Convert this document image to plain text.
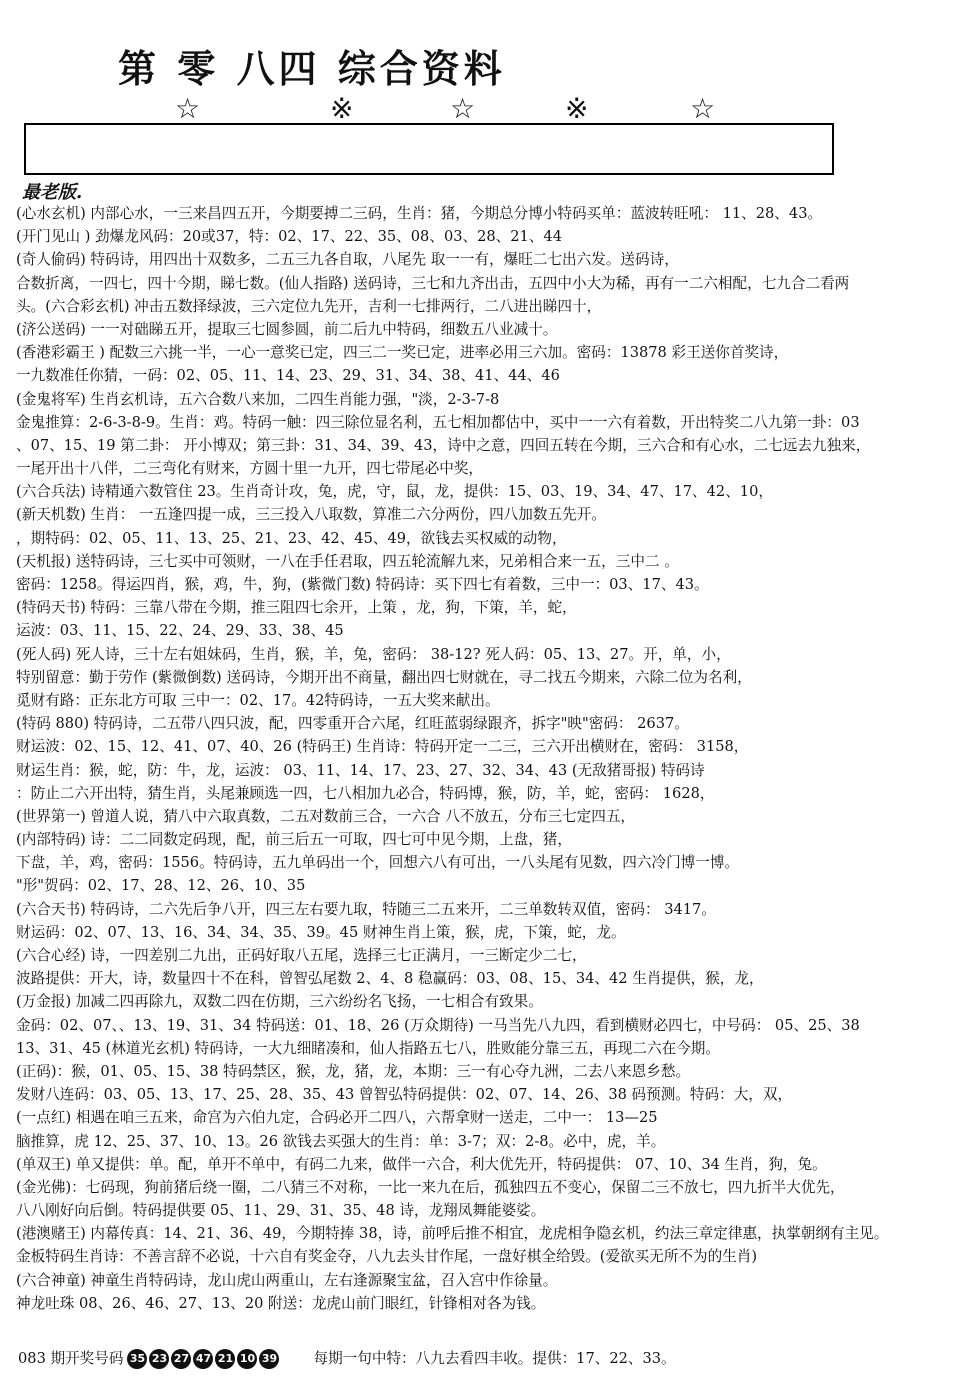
第 零 八四 综合资料
☆	※	☆	※	☆
最老版.
(心水玄机) 内部心水，一三来昌四五开，今期要搏二三码，生肖：猪，今期总分博小特码买单：蓝波转旺吼： 11、28、43。
(开门见山 ) 劲爆龙风码：20或37，特：02、17、22、35、08、03、28、21、44
(奇人偷码) 特码诗，用四出十双数多，二五三九各自取，八尾先 取一一有，爆旺二七出六发。送码诗，
合数折离，一四七，四十今期，睇七数。(仙人指路) 送码诗，三七和九齐出击，五四中小大为稀，再有一二六相配，七九合二看两
头。(六合彩玄机) 冲击五数择绿波，三六定位九先开，吉利一七排两行，二八进出睇四十，
(济公送码) 一一对础睇五开，提取三七圆参圆，前二后九中特码，细数五八业减十。
(香港彩霸王 ) 配数三六挑一半，一心一意奖已定，四三二一奖已定，进率必用三六加。密码：13878 彩王送你首奖诗，
一九数准任你猜，一码：02、05、11、14、23、29、31、34、38、41、44、46
(金鬼将军) 生肖玄机诗，五六合数八来加，二四生肖能力强，"淡，2-3-7-8
金鬼推算：2-6-3-8-9。生肖：鸡。特码一触：四三除位显名利，五七相加都估中，买中一一六有着数，开出特奖二八九第一卦：03
、07、15、19 第二卦： 开小博双；第三卦：31、34、39、43，诗中之意，四回五转在今期，三六合和有心水，二七远去九独来，
一尾开出十八伴，二三弯化有财来，方圆十里一九开，四七带尾必中奖，
(六合兵法) 诗精通六数管住 23。生肖奇计攻，兔，虎，守，鼠，龙，提供：15、03、19、34、47、17、42、10，
(新天机数) 生肖： 一五逢四提一成，三三投入八取数，算准二六分两份，四八加数五先开。
，期特码：02、05、11、13、25、21、23、42、45、49，欲钱去买权威的动物，
(天机报) 送特码诗，三七买中可领财，一八在手任君取，四五轮流解九来，兄弟相合来一五，三中二 。
密码：1258。得运四肖，猴，鸡，牛，狗，(紫微门数) 特码诗：买下四七有着数，三中一：03、17、43。
(特码天书) 特码：三靠八带在今期，推三阻四七余开，上策 ，龙，狗，下策，羊，蛇，
运波：03、11、15、22、24、29、33、38、45
(死人码) 死人诗，三十左右姐妹码，生肖，猴，羊，兔，密码： 38-12? 死人码：05、13、27。开，单，小，
特别留意：勤于劳作 (紫微倒数) 送码诗，今期开出不商量，翻出四七财就在，寻二找五今期来，六除二位为名利，
觅财有路：正东北方可取 三中一：02、17。42特码诗，一五大奖来献出。
(特码 880) 特码诗，二五带八四只波，配，四零重开合六尾，红旺蓝弱绿跟齐，拆字"映"密码： 2637。
财运波：02、15、12、41、07、40、26 (特码王) 生肖诗：特码开定一二三，三六开出横财在，密码： 3158，
财运生肖：猴，蛇，防：牛，龙，运波： 03、11、14、17、23、27、32、34、43 (无敌猪哥报) 特码诗
：防止二六开出特，猜生肖，头尾兼顾选一四，七八相加九必合，特码博，猴，防，羊，蛇，密码： 1628，
(世界第一) 曾道人说，猜八中六取真数，二五对数前三合，一六合 八不放五，分布三七定四五，
(内部特码) 诗：二二同数定码现，配，前三后五一可取，四七可中见今期，上盘，猪，
下盘，羊，鸡，密码：1556。特码诗，五九单码出一个，回想六八有可出，一八头尾有见数，四六冷门博一博。
"形"贺码：02、17、28、12、26、10、35
(六合天书) 特码诗，二六先后争八开，四三左右要九取，特随三二五来开，二三单数转双值，密码： 3417。
财运码：02、07、13、16、34、34、35、39。45 财神生肖上策，猴，虎，下策，蛇，龙。
(六合心经) 诗，一四差别二九出，正码好取八五尾，选择三七正满月，一三断定少二七，
波路提供：开大，诗，数量四十不在科，曾智弘尾数 2、4、8 稳赢码：03、08、15、34、42 生肖提供，猴，龙，
(万金报) 加减二四再除九，双数二四在仿期，三六纷纷名飞扬，一七相合有致果。
金码：02、07、、13、19、31、34 特码送：01、18、26 (万众期待) 一马当先八九四，看到横财必四七，中号码： 05、25、38
13、31、45 (林道光玄机) 特码诗，一大九细睹凑和，仙人指路五七八，胜败能分靠三五，再现二六在今期。
(正码)：猴，01、05、15、38 特码禁区，猴，龙，猪，龙，本期：三一有心夺九洲，二去八来恩乡愁。
发财八连码：03、05、13、17、25、28、35、43 曾智弘特码提供：02、07、14、26、38 码预测。特码：大，双，
(一点红) 相遇在咱三五来，命宫为六伯九定，合码必开二四八，六帮拿财一送走，二中一： 13—25
脑推算，虎 12、25、37、10、13。26 欲钱去买强大的生肖：单：3-7；双：2-8。必中，虎，羊。
(单双王) 单又提供：单。配，单开不单中，有码二九来，做伴一六合，利大优先开，特码提供： 07、10、34 生肖，狗，兔。
(金光佛)：七码现，狗前猪后绕一圈，二八猜三不对称，一比一来九在后，孤独四五不变心，保留二三不放七，四九折半大优先，
八八刚好向后倒。特码提供要 05、11、29、31、35、48 诗，龙翔凤舞能婆娑。
(港澳赌王) 内幕传真：14、21、36、49，今期特捧 38，诗，前呼后推不相宜，龙虎相争隐玄机，约法三章定律惠，执掌朝纲有主见。
金板特码生肖诗：不善言辞不必说，十六自有奖金夺，八九去头甘作尾，一盘好棋全给毁。(爱欲买无所不为的生肖)
(六合神童) 神童生肖特码诗，龙山虎山两重山，左右逢源聚宝盆，召入宫中作徐量。
神龙吐珠 08、26、46、27、13、20 附送：龙虎山前门眼红，针锋相对各为钱。
083 期开奖号码 35 23 27 47 21 10 39 每期一句中特：八九去看四丰收。提供：17、22、33。
